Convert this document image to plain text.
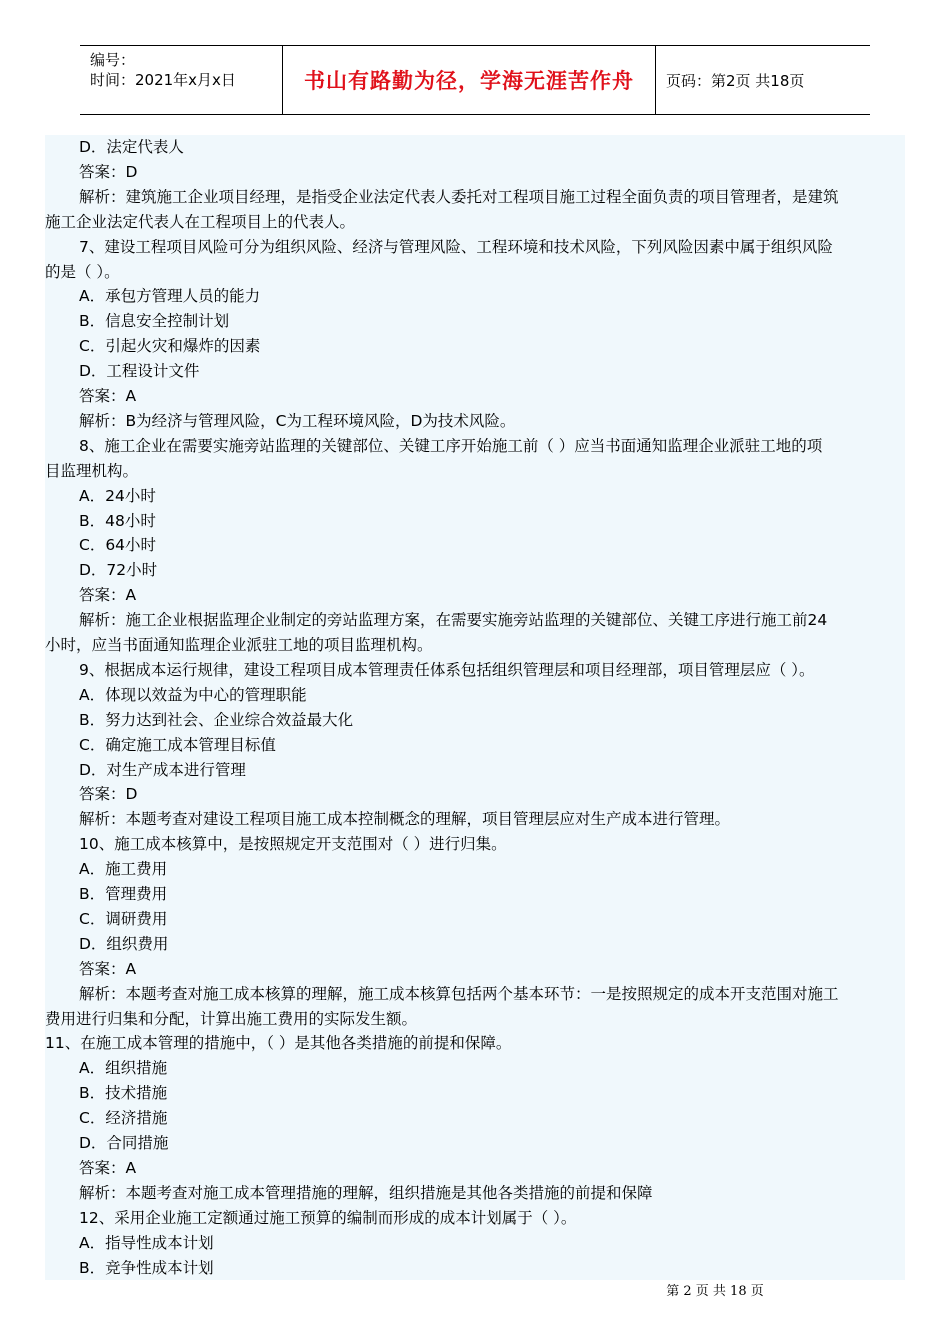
编号：
时间：2021年x月x日	书山有路勤为径，学海无涯苦作舟 页码：第2页 共18页
D．法定代表人
答案：D
解析：建筑施工企业项目经理，是指受企业法定代表人委托对工程项目施工过程全面负责的项目管理者，是建筑
施工企业法定代表人在工程项目上的代表人。
7、建设工程项目风险可分为组织风险、经济与管理风险、工程环境和技术风险，下列风险因素中属于组织风险
的是（ ）。
A．承包方管理人员的能力
B．信息安全控制计划
C．引起火灾和爆炸的因素
D．工程设计文件
答案：A
解析：B为经济与管理风险，C为工程环境风险，D为技术风险。
8、施工企业在需要实施旁站监理的关键部位、关键工序开始施工前（ ）应当书面通知监理企业派驻工地的项
目监理机构。
A．24小时
B．48小时
C．64小时
D．72小时
答案：A
解析：施工企业根据监理企业制定的旁站监理方案，在需要实施旁站监理的关键部位、关键工序进行施工前24
小时，应当书面通知监理企业派驻工地的项目监理机构。
9、根据成本运行规律，建设工程项目成本管理责任体系包括组织管理层和项目经理部，项目管理层应（ ）。
A．体现以效益为中心的管理职能
B．努力达到社会、企业综合效益最大化
C．确定施工成本管理目标值
D．对生产成本进行管理
答案：D
解析：本题考查对建设工程项目施工成本控制概念的理解，项目管理层应对生产成本进行管理。
10、施工成本核算中，是按照规定开支范围对（ ）进行归集。
A．施工费用
B．管理费用
C．调研费用
D．组织费用
答案：A
解析：本题考查对施工成本核算的理解，施工成本核算包括两个基本环节：一是按照规定的成本开支范围对施工
费用进行归集和分配，计算出施工费用的实际发生额。
11、在施工成本管理的措施中，（ ）是其他各类措施的前提和保障。
A．组织措施
B．技术措施
C．经济措施
D．合同措施
答案：A
解析：本题考查对施工成本管理措施的理解，组织措施是其他各类措施的前提和保障
12、采用企业施工定额通过施工预算的编制而形成的成本计划属于（ ）。
A．指导性成本计划
B．竞争性成本计划
第 2 页 共 18 页
